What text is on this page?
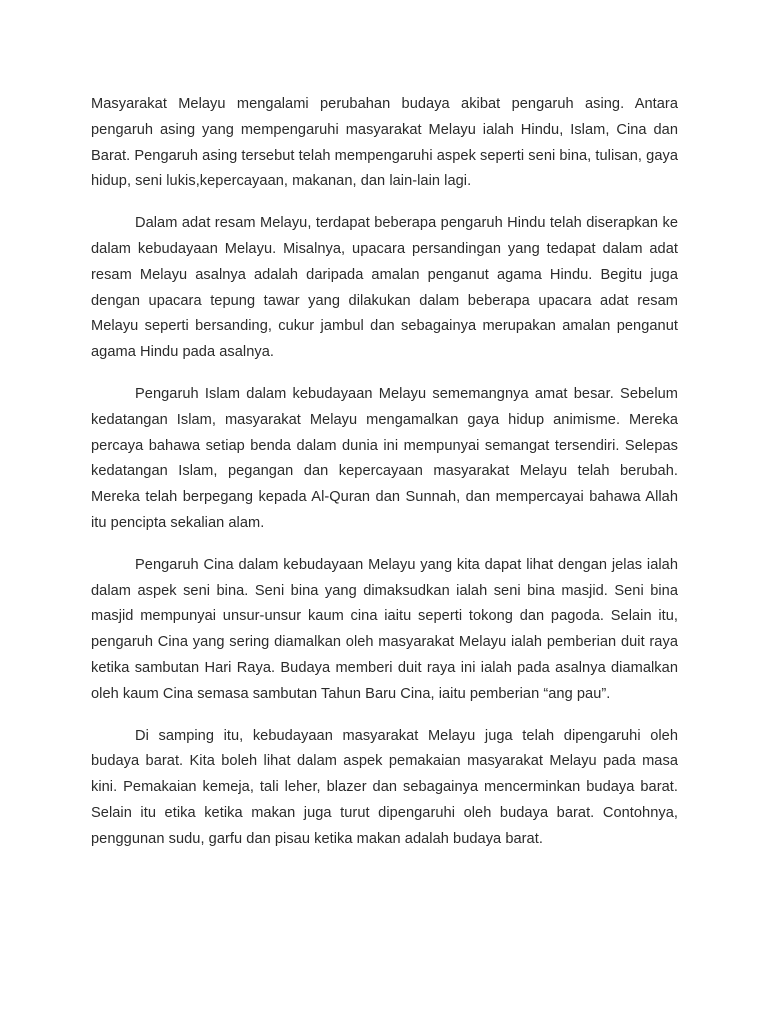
Masyarakat Melayu mengalami perubahan budaya akibat pengaruh asing. Antara pengaruh asing yang mempengaruhi masyarakat Melayu ialah Hindu, Islam, Cina dan Barat. Pengaruh asing tersebut telah mempengaruhi aspek seperti seni bina, tulisan, gaya hidup, seni lukis,kepercayaan, makanan, dan lain-lain lagi.

Dalam adat resam Melayu, terdapat beberapa pengaruh Hindu telah diserapkan ke dalam kebudayaan Melayu. Misalnya, upacara persandingan yang tedapat dalam adat resam Melayu asalnya adalah daripada amalan penganut agama Hindu. Begitu juga dengan upacara tepung tawar yang dilakukan dalam beberapa upacara adat resam Melayu seperti bersanding, cukur jambul dan sebagainya merupakan amalan penganut agama Hindu pada asalnya.

Pengaruh Islam dalam kebudayaan Melayu sememangnya amat besar. Sebelum kedatangan Islam, masyarakat Melayu mengamalkan gaya hidup animisme. Mereka percaya bahawa setiap benda dalam dunia ini mempunyai semangat tersendiri. Selepas kedatangan Islam, pegangan dan kepercayaan masyarakat Melayu telah berubah. Mereka telah berpegang kepada Al-Quran dan Sunnah, dan mempercayai bahawa Allah itu pencipta sekalian alam.

Pengaruh Cina dalam kebudayaan Melayu yang kita dapat lihat dengan jelas ialah dalam aspek seni bina. Seni bina yang dimaksudkan ialah seni bina masjid. Seni bina masjid mempunyai unsur-unsur kaum cina iaitu seperti tokong dan pagoda. Selain itu, pengaruh Cina yang sering diamalkan oleh masyarakat Melayu ialah pemberian duit raya ketika sambutan Hari Raya. Budaya memberi duit raya ini ialah pada asalnya diamalkan oleh kaum Cina semasa sambutan Tahun Baru Cina, iaitu pemberian “ang pau”.

Di samping itu, kebudayaan masyarakat Melayu juga telah dipengaruhi oleh budaya barat. Kita boleh lihat dalam aspek pemakaian masyarakat Melayu pada masa kini. Pemakaian kemeja, tali leher, blazer dan sebagainya mencerminkan budaya barat. Selain itu etika ketika makan juga turut dipengaruhi oleh budaya barat. Contohnya, penggunan sudu, garfu dan pisau ketika makan adalah budaya barat.
